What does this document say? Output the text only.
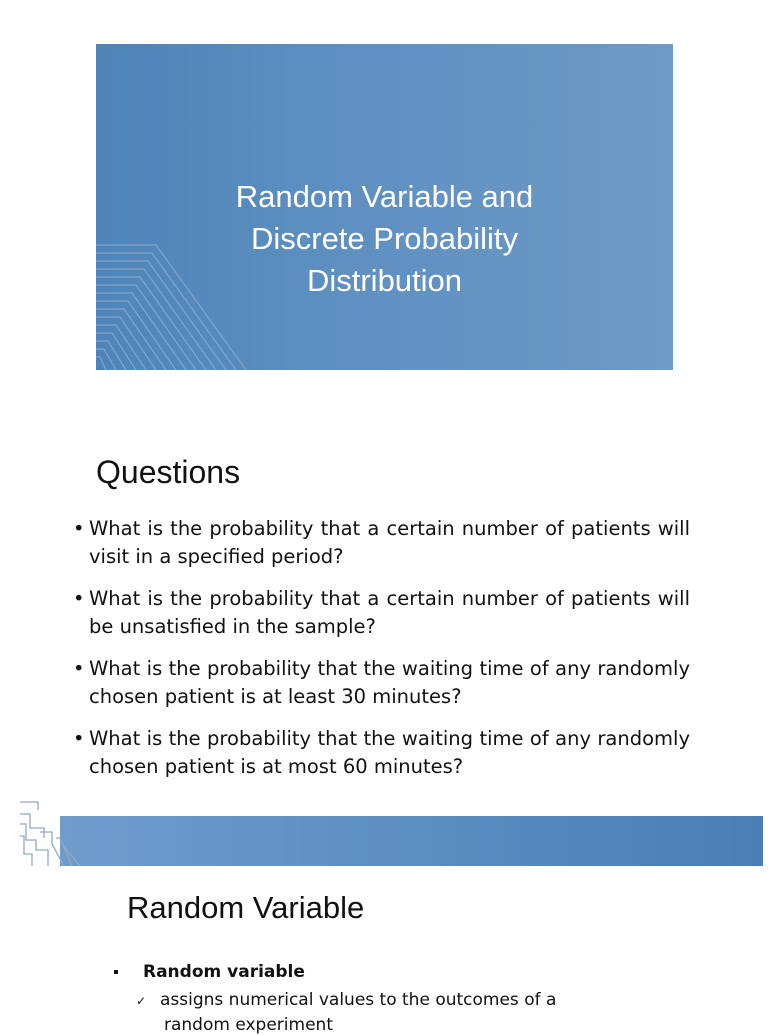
Random Variable and
Discrete Probability
Distribution
Questions
• What is the probability that a certain number of patients will visit in a specified period?
• What is the probability that a certain number of patients will be unsatisfied in the sample?
• What is the probability that the waiting time of any randomly chosen patient is at least 30 minutes?
• What is the probability that the waiting time of any randomly chosen patient is at most 60 minutes?
Random Variable
Random variable
✓ assigns numerical values to the outcomes of a
random experiment
